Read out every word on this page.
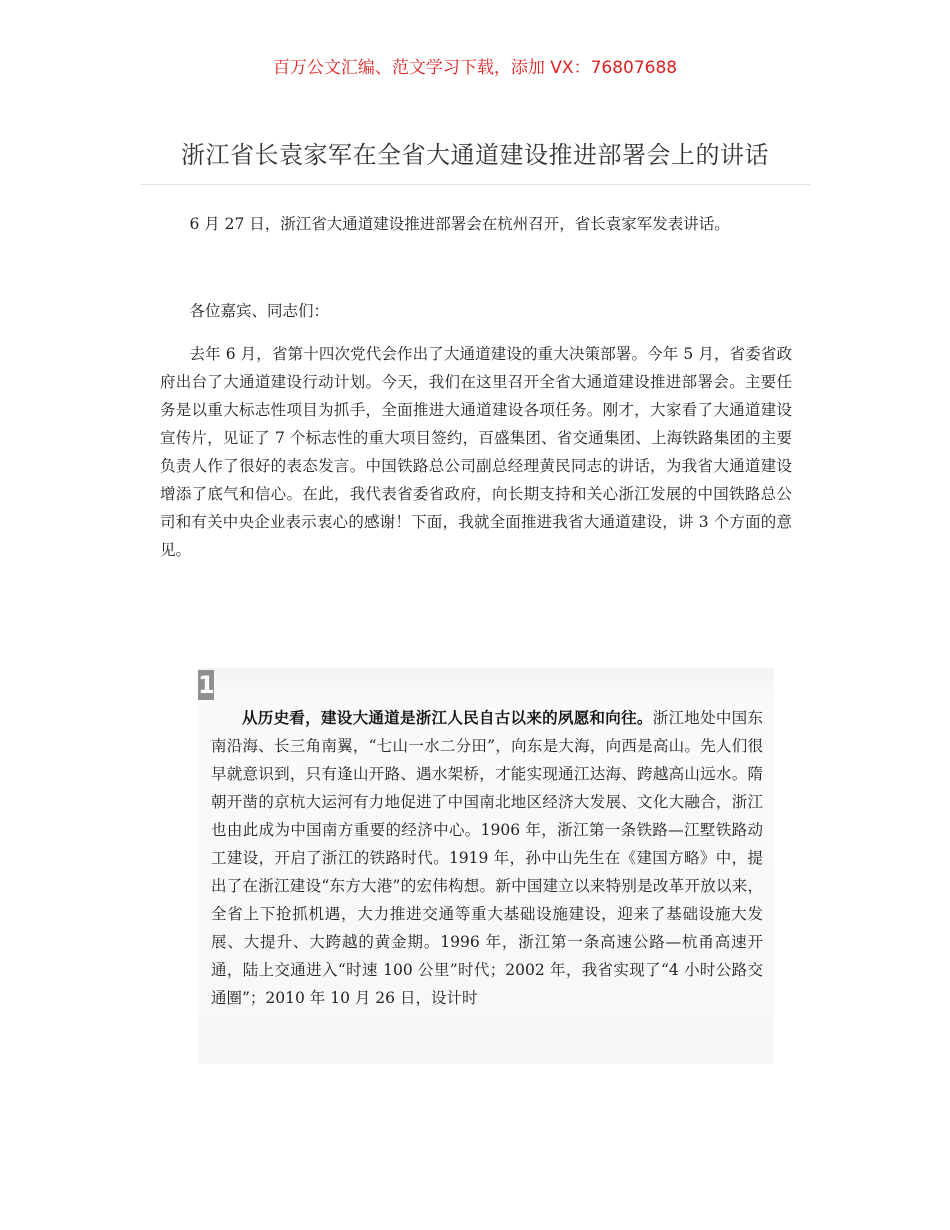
百万公文汇编、范文学习下载，添加 VX：76807688
浙江省长袁家军在全省大通道建设推进部署会上的讲话
6 月 27 日，浙江省大通道建设推进部署会在杭州召开，省长袁家军发表讲话。
各位嘉宾、同志们：
去年 6 月，省第十四次党代会作出了大通道建设的重大决策部署。今年 5 月，省委省政府出台了大通道建设行动计划。今天，我们在这里召开全省大通道建设推进部署会。主要任务是以重大标志性项目为抓手，全面推进大通道建设各项任务。刚才，大家看了大通道建设宣传片，见证了 7 个标志性的重大项目签约，百盛集团、省交通集团、上海铁路集团的主要负责人作了很好的表态发言。中国铁路总公司副总经理黄民同志的讲话，为我省大通道建设增添了底气和信心。在此，我代表省委省政府，向长期支持和关心浙江发展的中国铁路总公司和有关中央企业表示衷心的感谢！下面，我就全面推进我省大通道建设，讲 3 个方面的意见。
1
从历史看，建设大通道是浙江人民自古以来的夙愿和向往。浙江地处中国东南沿海、长三角南翼，“七山一水二分田”，向东是大海，向西是高山。先人们很早就意识到，只有逢山开路、遇水架桥，才能实现通江达海、跨越高山远水。隋朝开凿的京杭大运河有力地促进了中国南北地区经济大发展、文化大融合，浙江也由此成为中国南方重要的经济中心。1906 年，浙江第一条铁路—江墅铁路动工建设，开启了浙江的铁路时代。1919 年，孙中山先生在《建国方略》中，提出了在浙江建设“东方大港”的宏伟构想。新中国建立以来特别是改革开放以来，全省上下抢抓机遇，大力推进交通等重大基础设施建设，迎来了基础设施大发展、大提升、大跨越的黄金期。1996 年，浙江第一条高速公路—杭甬高速开通，陆上交通进入“时速 100 公里”时代；2002 年，我省实现了“4 小时公路交通圈”；2010 年 10 月 26 日，设计时
